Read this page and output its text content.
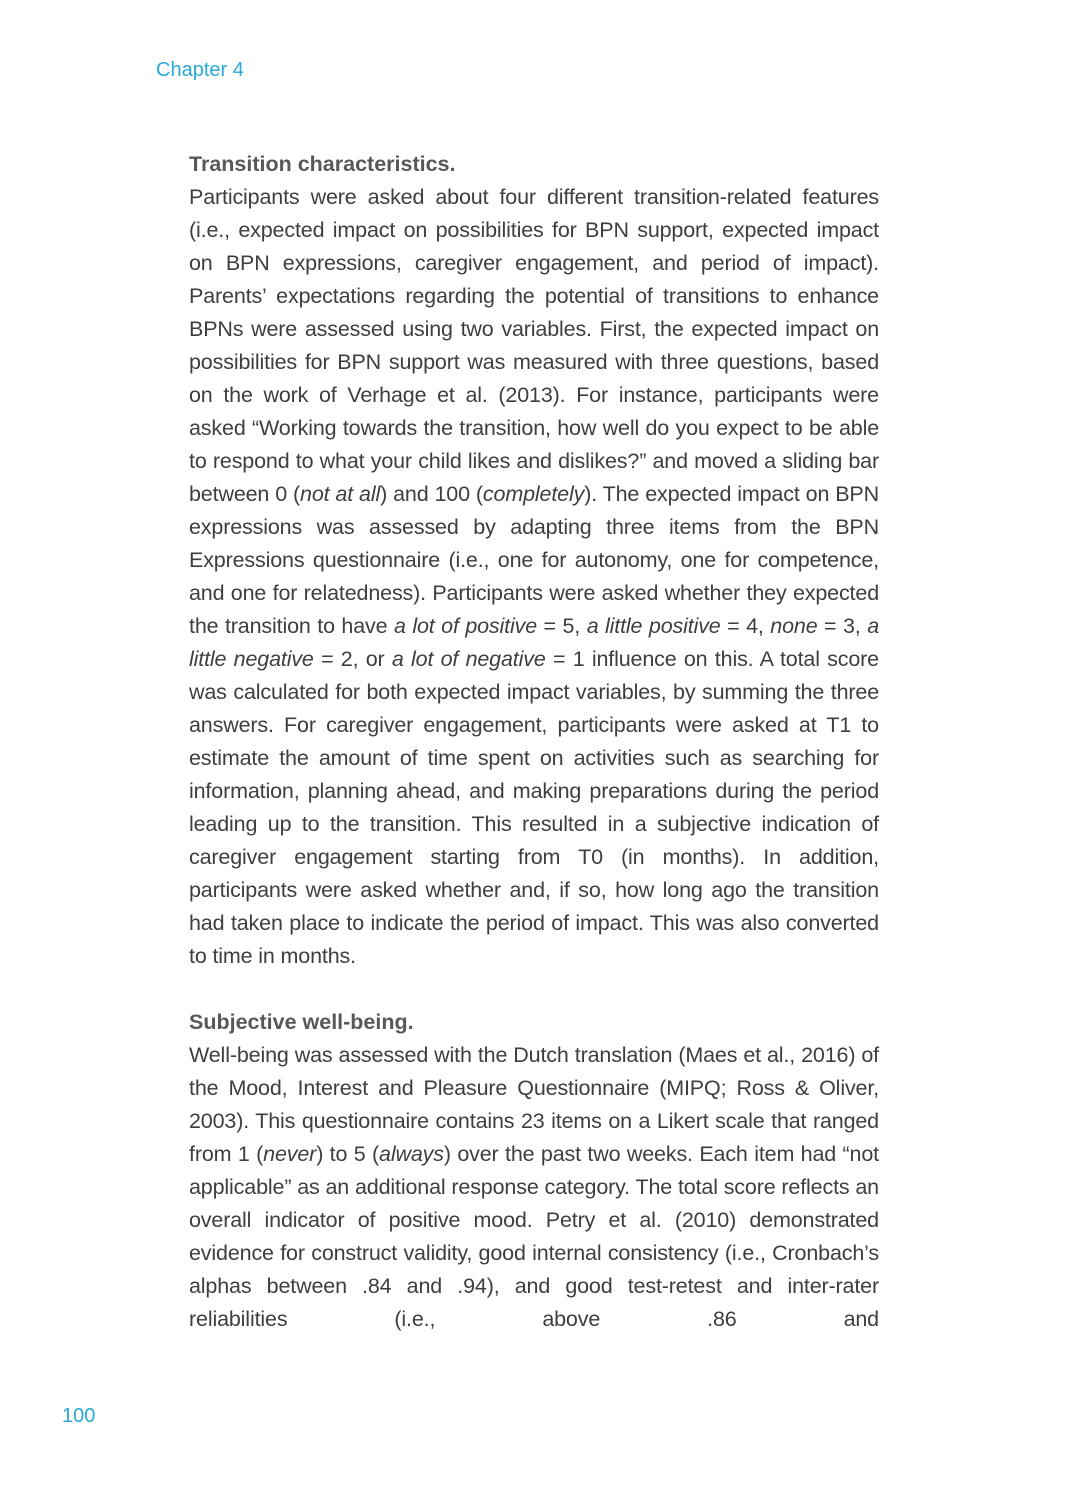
Chapter 4
Transition characteristics.

Participants were asked about four different transition-related features (i.e., expected impact on possibilities for BPN support, expected impact on BPN expressions, caregiver engagement, and period of impact). Parents’ expectations regarding the potential of transitions to enhance BPNs were assessed using two variables. First, the expected impact on possibilities for BPN support was measured with three questions, based on the work of Verhage et al. (2013). For instance, participants were asked “Working towards the transition, how well do you expect to be able to respond to what your child likes and dislikes?” and moved a sliding bar between 0 (not at all) and 100 (completely). The expected impact on BPN expressions was assessed by adapting three items from the BPN Expressions questionnaire (i.e., one for autonomy, one for competence, and one for relatedness). Participants were asked whether they expected the transition to have a lot of positive = 5, a little positive = 4, none = 3, a little negative = 2, or a lot of negative = 1 influence on this. A total score was calculated for both expected impact variables, by summing the three answers. For caregiver engagement, participants were asked at T1 to estimate the amount of time spent on activities such as searching for information, planning ahead, and making preparations during the period leading up to the transition. This resulted in a subjective indication of caregiver engagement starting from T0 (in months). In addition, participants were asked whether and, if so, how long ago the transition had taken place to indicate the period of impact. This was also converted to time in months.

Subjective well-being.

Well-being was assessed with the Dutch translation (Maes et al., 2016) of the Mood, Interest and Pleasure Questionnaire (MIPQ; Ross & Oliver, 2003). This questionnaire contains 23 items on a Likert scale that ranged from 1 (never) to 5 (always) over the past two weeks. Each item had “not applicable” as an additional response category. The total score reflects an overall indicator of positive mood. Petry et al. (2010) demonstrated evidence for construct validity, good internal consistency (i.e., Cronbach’s alphas between .84 and .94), and good test-retest and inter-rater reliabilities (i.e., above .86 and

100
